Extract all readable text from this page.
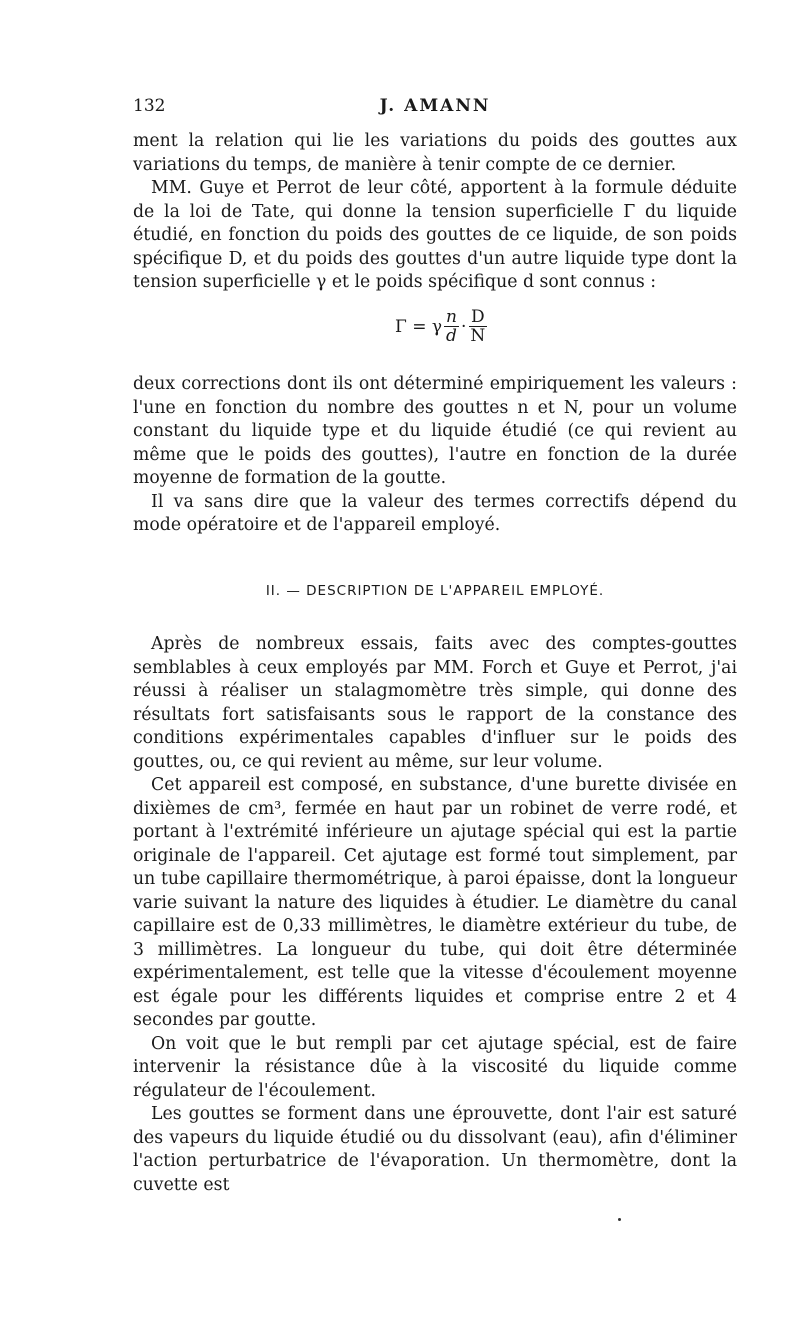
132	J. AMANN

ment la relation qui lie les variations du poids des gouttes aux variations du temps, de manière à tenir compte de ce dernier.

MM. Guye et Perrot de leur côté, apportent à la formule déduite de la loi de Tate, qui donne la tension superficielle Γ du liquide étudié, en fonction du poids des gouttes de ce liquide, de son poids spécifique D, et du poids des gouttes d'un autre liquide type dont la tension superficielle γ et le poids spécifique d sont connus :

Γ = γ $\frac{n}{d} \cdot \frac{D}{N}$

deux corrections dont ils ont déterminé empiriquement les valeurs : l'une en fonction du nombre des gouttes n et N, pour un volume constant du liquide type et du liquide étudié (ce qui revient au même que le poids des gouttes), l'autre en fonction de la durée moyenne de formation de la goutte.

Il va sans dire que la valeur des termes correctifs dépend du mode opératoire et de l'appareil employé.

II. — DESCRIPTION DE L'APPAREIL EMPLOYÉ.

Après de nombreux essais, faits avec des comptes-gouttes semblables à ceux employés par MM. Forch et Guye et Perrot, j'ai réussi à réaliser un stalagmomètre très simple, qui donne des résultats fort satisfaisants sous le rapport de la constance des conditions expérimentales capables d'influer sur le poids des gouttes, ou, ce qui revient au même, sur leur volume.

Cet appareil est composé, en substance, d'une burette divisée en dixièmes de cm³, fermée en haut par un robinet de verre rodé, et portant à l'extrémité inférieure un ajutage spécial qui est la partie originale de l'appareil. Cet ajutage est formé tout simplement, par un tube capillaire thermométrique, à paroi épaisse, dont la longueur varie suivant la nature des liquides à étudier. Le diamètre du canal capillaire est de 0,33 millimètres, le diamètre extérieur du tube, de 3 millimètres. La longueur du tube, qui doit être déterminée expérimentalement, est telle que la vitesse d'écoulement moyenne est égale pour les différents liquides et comprise entre 2 et 4 secondes par goutte.

On voit que le but rempli par cet ajutage spécial, est de faire intervenir la résistance dûe à la viscosité du liquide comme régulateur de l'écoulement.

Les gouttes se forment dans une éprouvette, dont l'air est saturé des vapeurs du liquide étudié ou du dissolvant (eau), afin d'éliminer l'action perturbatrice de l'évaporation. Un thermomètre, dont la cuvette est
